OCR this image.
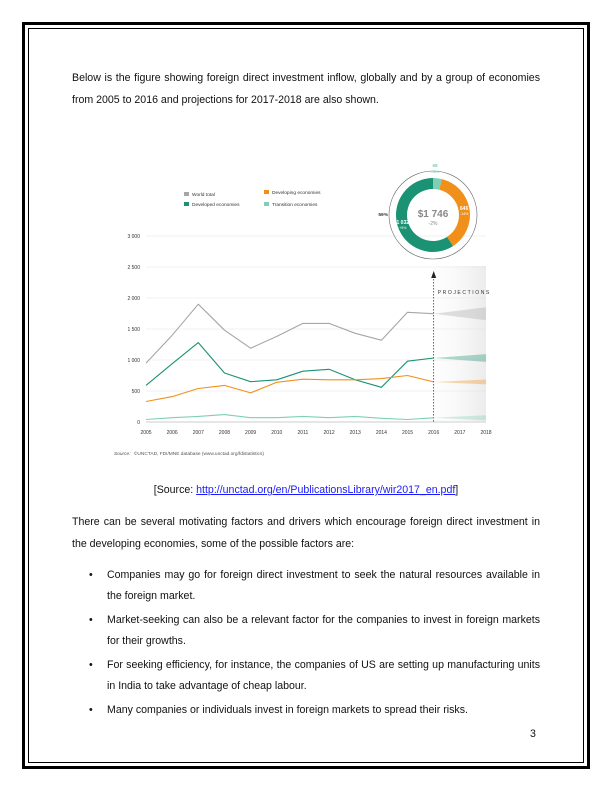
Below is the figure showing foreign direct investment inflow, globally and by a group of economies from 2005 to 2016 and projections for 2017-2018 are also shown.

PROJECTIONS
0
500
1 000
1 500
2 000
2 500
3 000
2005	2006	2007	2008	2009	2010	2011	2012	2013	2014	2015	2016	2017	2018
World total
Developed economies
Developing economies
Transition economies
68
-38%
646
-14%
1 032
+5%
$1 746
-2%
59%
Source: ©UNCTAD, FDI/MNE database (www.unctad.org/fdistatistics)
[Source: http://unctad.org/en/PublicationsLibrary/wir2017_en.pdf]

There can be several motivating factors and drivers which encourage foreign direct investment in the developing economies, some of the possible factors are:

• Companies may go for foreign direct investment to seek the natural resources available in the foreign market.
• Market-seeking can also be a relevant factor for the companies to invest in foreign markets for their growths.
• For seeking efficiency, for instance, the companies of US are setting up manufacturing units in India to take advantage of cheap labour.
• Many companies or individuals invest in foreign markets to spread their risks.
3
